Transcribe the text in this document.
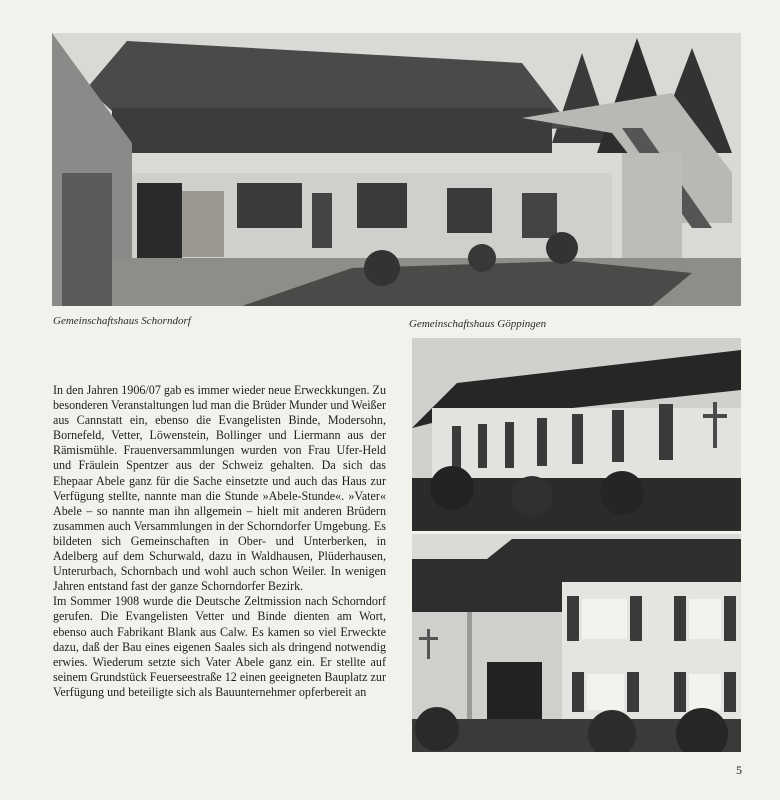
Gemeinschaftshaus Schorndorf	Gemeinschaftshaus Göppingen

In den Jahren 1906/07 gab es immer wieder neue Erweckkungen. Zu besonderen Veranstaltungen lud man die Brüder Munder und Weißer aus Cannstatt ein, ebenso die Evangelisten Binde, Modersohn, Bornefeld, Vetter, Löwenstein, Bollinger und Liermann aus der Rämismühle. Frauenversammlungen wurden von Frau Ufer-Held und Fräulein Spentzer aus der Schweiz gehalten. Da sich das Ehepaar Abele ganz für die Sache einsetzte und auch das Haus zur Verfügung stellte, nannte man die Stunde »Abele-Stunde«. »Vater« Abele – so nannte man ihn allgemein – hielt mit anderen Brüdern zusammen auch Versammlungen in der Schorndorfer Umgebung. Es bildeten sich Gemeinschaften in Ober- und Unterberken, in Adelberg auf dem Schurwald, dazu in Waldhausen, Plüderhausen, Unterurbach, Schornbach und wohl auch schon Weiler. In wenigen Jahren entstand fast der ganze Schorndorfer Bezirk.

Im Sommer 1908 wurde die Deutsche Zeltmission nach Schorndorf gerufen. Die Evangelisten Vetter und Binde dienten am Wort, ebenso auch Fabrikant Blank aus Calw. Es kamen so viel Erweckte dazu, daß der Bau eines eigenen Saales sich als dringend notwendig erwies. Wiederum setzte sich Vater Abele ganz ein. Er stellte auf seinem Grundstück Feuerseestraße 12 einen geeigneten Bauplatz zur Verfügung und beteiligte sich als Bauunternehmer opferbereit an

5
